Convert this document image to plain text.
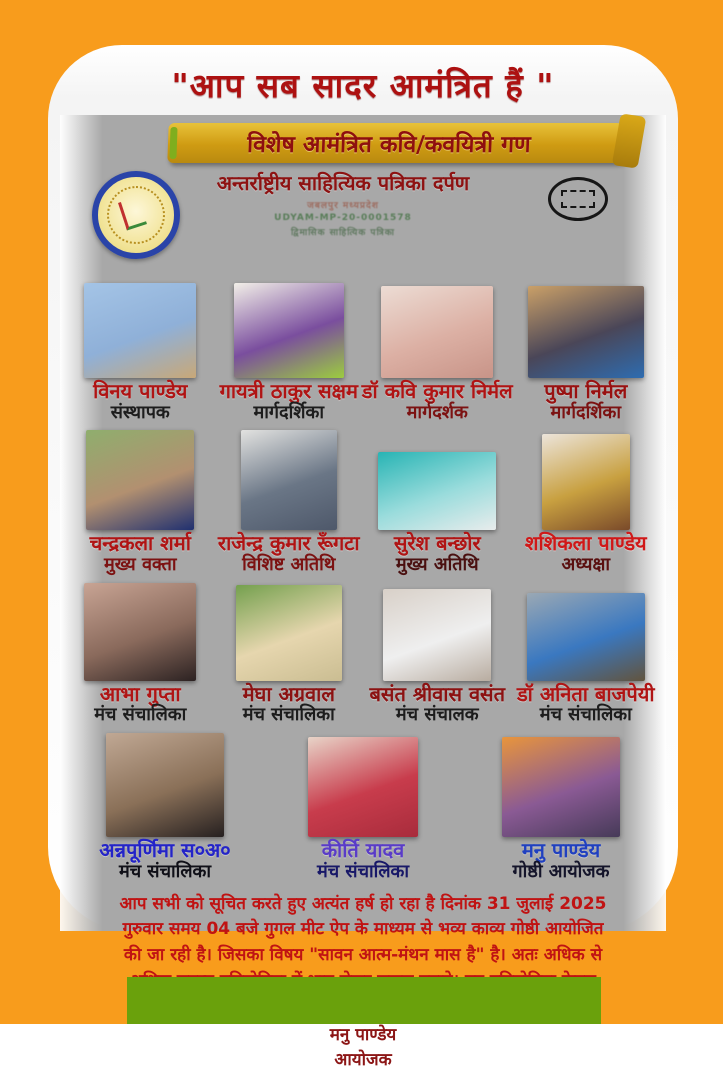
"आप सब सादर आमंत्रित हैं "
विशेष आमंत्रित कवि/कवयित्री गण
अन्तर्राष्ट्रीय साहित्यिक पत्रिका दर्पण
जबलपुर मध्यप्रदेश
UDYAM-MP-20-0001578
द्विमासिक साहित्यिक पत्रिका
विनय पाण्डेय
संस्थापक
गायत्री ठाकुर सक्षम
मार्गदर्शिका
डॉ कवि कुमार निर्मल
मार्गदर्शक
पुष्पा निर्मल
मार्गदर्शिका
चन्द्रकला शर्मा
मुख्य वक्ता
राजेन्द्र कुमार रूँगटा
विशिष्ट अतिथि
सुरेश बन्छोर
मुख्य अतिथि
शशिकला पाण्डेय
अध्यक्षा
आभा गुप्ता
मंच संचालिका
मेघा अग्रवाल
मंच संचालिका
बसंत श्रीवास वसंत
मंच संचालक
डॉ अनिता बाजपेयी
मंच संचालिका
अन्नपूर्णिमा स०अ०
मंच संचालिका
कीर्ति यादव
मंच संचालिका
मनु पाण्डेय
गोष्ठी आयोजक
आप सभी को सूचित करते हुए अत्यंत हर्ष हो रहा है दिनांक 31 जुलाई 2025
गुरुवार समय 04 बजे गुगल मीट ऐप के माध्यम से भव्य काव्य गोष्ठी आयोजित
की जा रही है। जिसका विषय "सावन आत्म-मंथन मास है" है। अतः अधिक से
मनु पाण्डेय
आयोजक
